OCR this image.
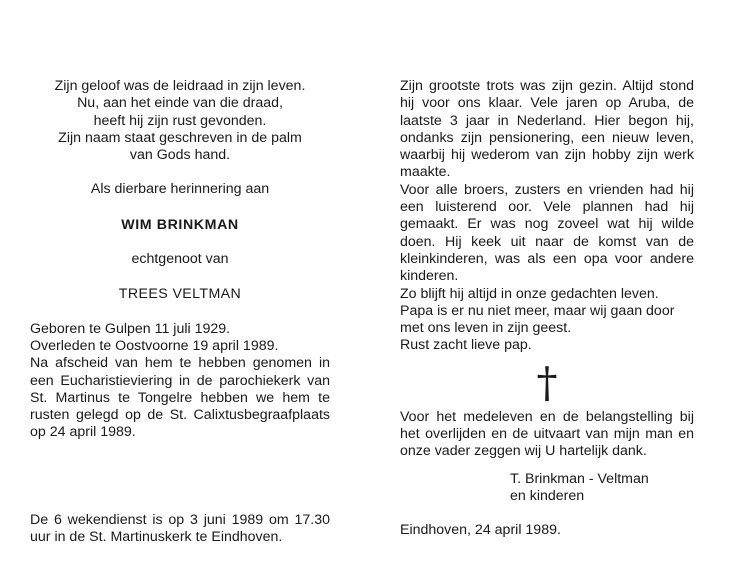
Zijn geloof was de leidraad in zijn leven.
Nu, aan het einde van die draad,
heeft hij zijn rust gevonden.
Zijn naam staat geschreven in de palm
van Gods hand.
Als dierbare herinnering aan
WIM BRINKMAN
echtgenoot van
TREES VELTMAN
Geboren te Gulpen 11 juli 1929.
Overleden te Oostvoorne 19 april 1989.

Na afscheid van hem te hebben genomen in een Eucharistieviering in de parochiekerk van St. Martinus te Tongelre hebben we hem te rusten gelegd op de St. Calixtusbegraafplaats op 24 april 1989.

De 6 wekendienst is op 3 juni 1989 om 17.30 uur in de St. Martinuskerk te Eindhoven.

Zijn grootste trots was zijn gezin. Altijd stond hij voor ons klaar. Vele jaren op Aruba, de laatste 3 jaar in Nederland. Hier begon hij, ondanks zijn pensionering, een nieuw leven, waarbij hij wederom van zijn hobby zijn werk maakte.

Voor alle broers, zusters en vrienden had hij een luisterend oor. Vele plannen had hij gemaakt. Er was nog zoveel wat hij wilde doen. Hij keek uit naar de komst van de kleinkinderen, was als een opa voor andere kinderen.

Zo blijft hij altijd in onze gedachten leven.
Papa is er nu niet meer, maar wij gaan door met ons leven in zijn geest.
Rust zacht lieve pap.
†

Voor het medeleven en de belangstelling bij het overlijden en de uitvaart van mijn man en onze vader zeggen wij U hartelijk dank.

T. Brinkman - Veltman
en kinderen
Eindhoven, 24 april 1989.
